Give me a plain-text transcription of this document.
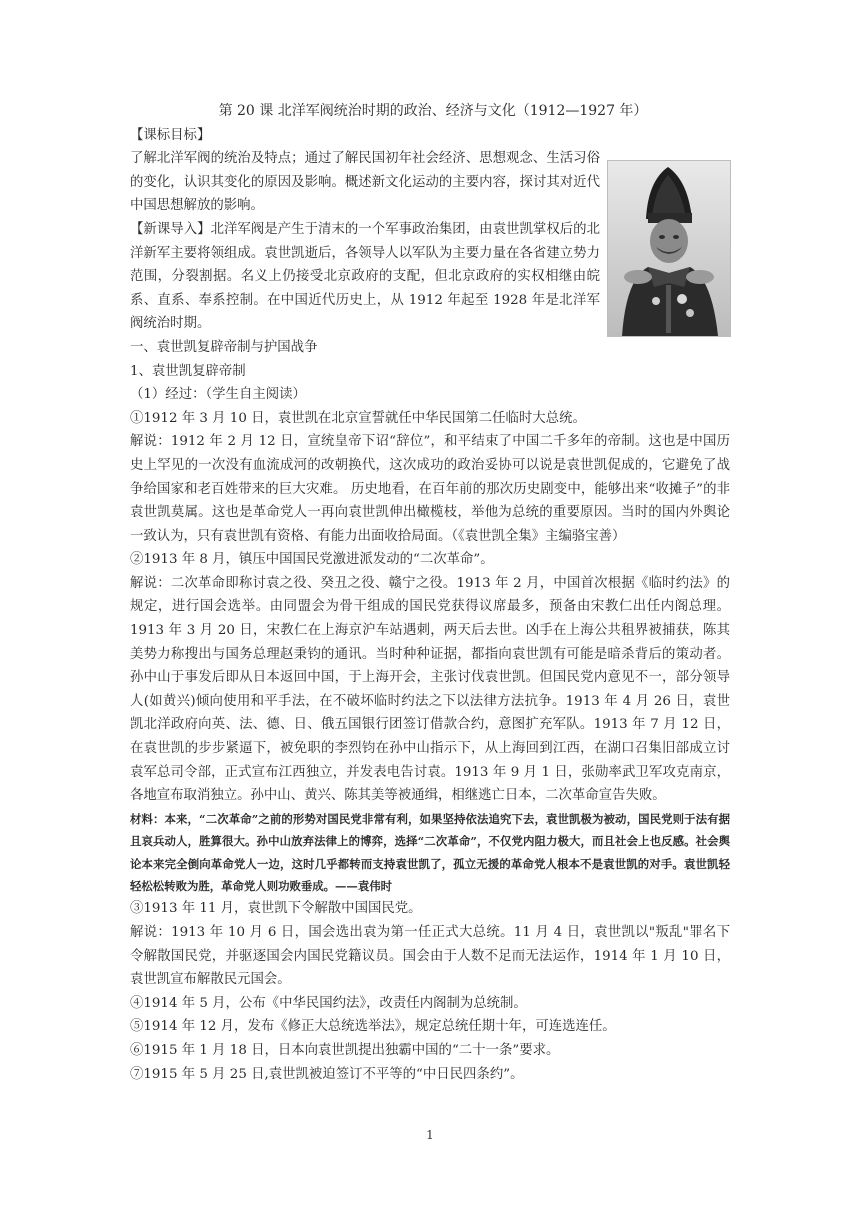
第 20 课 北洋军阀统治时期的政治、经济与文化（1912—1927 年）

【课标目标】

了解北洋军阀的统治及特点；通过了解民国初年社会经济、思想观念、生活习俗的变化，认识其变化的原因及影响。概述新文化运动的主要内容，探讨其对近代中国思想解放的影响。

【新课导入】北洋军阀是产生于清末的一个军事政治集团，由袁世凯掌权后的北洋新军主要将领组成。袁世凯逝后，各领导人以军队为主要力量在各省建立势力范围，分裂割据。名义上仍接受北京政府的支配，但北京政府的实权相继由皖系、直系、奉系控制。在中国近代历史上，从 1912 年起至 1928 年是北洋军阀统治时期。

一、袁世凯复辟帝制与护国战争

1、袁世凯复辟帝制

（1）经过：（学生自主阅读）

①1912 年 3 月 10 日，袁世凯在北京宣誓就任中华民国第二任临时大总统。

解说：1912 年 2 月 12 日，宣统皇帝下诏“辞位”，和平结束了中国二千多年的帝制。这也是中国历史上罕见的一次没有血流成河的改朝换代，这次成功的政治妥协可以说是袁世凯促成的，它避免了战争给国家和老百姓带来的巨大灾难。 历史地看，在百年前的那次历史剧变中，能够出来“收摊子”的非袁世凯莫属。这也是革命党人一再向袁世凯伸出橄榄枝，举他为总统的重要原因。当时的国内外舆论一致认为，只有袁世凯有资格、有能力出面收拾局面。（《袁世凯全集》主编骆宝善）

②1913 年 8 月，镇压中国国民党激进派发动的“二次革命”。

解说：二次革命即称讨袁之役、癸丑之役、赣宁之役。1913 年 2 月，中国首次根据《临时约法》的规定，进行国会选举。由同盟会为骨干组成的国民党获得议席最多，预备由宋教仁出任内阁总理。1913 年 3 月 20 日，宋教仁在上海京沪车站遇刺，两天后去世。凶手在上海公共租界被捕获，陈其美势力称搜出与国务总理赵秉钧的通讯。当时种种证据，都指向袁世凯有可能是暗杀背后的策动者。孙中山于事发后即从日本返回中国，于上海开会，主张讨伐袁世凯。但国民党内意见不一，部分领导人(如黄兴)倾向使用和平手法，在不破坏临时约法之下以法律方法抗争。1913 年 4 月 26 日，袁世凯北洋政府向英、法、德、日、俄五国银行团签订借款合约，意图扩充军队。1913 年 7 月 12 日，在袁世凯的步步紧逼下，被免职的李烈钧在孙中山指示下，从上海回到江西，在湖口召集旧部成立讨袁军总司令部，正式宣布江西独立，并发表电告讨袁。1913 年 9 月 1 日，张勋率武卫军攻克南京，各地宣布取消独立。孙中山、黄兴、陈其美等被通缉，相继逃亡日本，二次革命宣告失败。

材料：本来，“二次革命”之前的形势对国民党非常有利，如果坚持依法追究下去，袁世凯极为被动，国民党则于法有据且哀兵动人，胜算很大。孙中山放弃法律上的博弈，选择“二次革命”，不仅党内阻力极大，而且社会上也反感。社会舆论本来完全倒向革命党人一边，这时几乎都转而支持袁世凯了，孤立无援的革命党人根本不是袁世凯的对手。袁世凯轻轻松松转败为胜，革命党人则功败垂成。——袁伟时

③1913 年 11 月，袁世凯下令解散中国国民党。

解说：1913 年 10 月 6 日，国会选出袁为第一任正式大总统。11 月 4 日，袁世凯以"叛乱"罪名下令解散国民党，并驱逐国会内国民党籍议员。国会由于人数不足而无法运作，1914 年 1 月 10 日，袁世凯宣布解散民元国会。

④1914 年 5 月，公布《中华民国约法》，改责任内阁制为总统制。

⑤1914 年 12 月，发布《修正大总统选举法》，规定总统任期十年，可连选连任。

⑥1915 年 1 月 18 日，日本向袁世凯提出独霸中国的“二十一条”要求。

⑦1915 年 5 月 25 日,袁世凯被迫签订不平等的“中日民四条约”。

1
